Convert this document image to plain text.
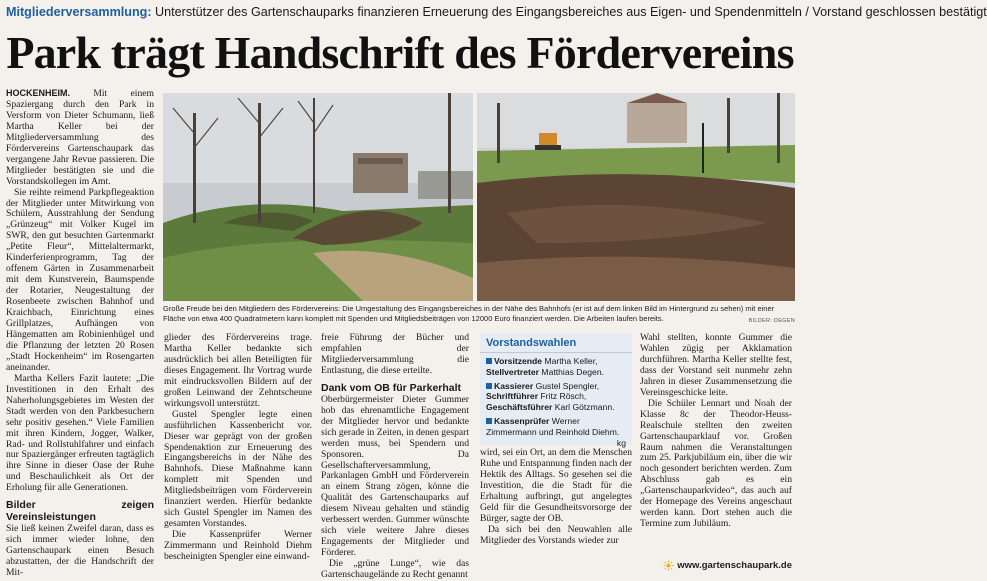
Mitgliederversammlung: Unterstützer des Gartenschauparks finanzieren Erneuerung des Eingangsbereiches aus Eigen- und Spendenmitteln / Vorstand geschlossen bestätigt
Park trägt Handschrift des Fördervereins

HOCKENHEIM. Mit einem Spaziergang durch den Park in Versform von Dieter Schumann, ließ Martha Keller bei der Mitgliederversammlung des Fördervereins Gartenschaupark das vergangene Jahr Revue passieren. Die Mitglieder bestätigten sie und die Vorstandskollegen im Amt.

Sie reihte reimend Parkpflegeaktion der Mitglieder unter Mitwirkung von Schülern, Ausstrahlung der Sendung „Grünzeug“ mit Volker Kugel im SWR, den gut besuchten Gartenmarkt „Petite Fleur“, Mittelaltermarkt, Kinderferienprogramm, Tag der offenem Gärten in Zusammenarbeit mit dem Kunstverein, Baumspende der Rotarier, Neugestaltung der Rosenbeete zwischen Bahnhof und Kraichbach, Einrichtung eines Grillplatzes, Aufhängen von Hängematten am Robinienhügel und die Pflanzung der letzten 20 Rosen „Stadt Hockenheim“ im Rosengarten aneinander.

Martha Kellers Fazit lautete: „Die Investitionen in den Erhalt des Naherholungsgebietes im Westen der Stadt werden von den Parkbesuchern sehr positiv gesehen.“ Viele Familien mit ihren Kindern, Jogger, Walker, Rad- und Rollstuhlfahrer und einfach nur Spaziergänger erfreuten tagtäglich ihre Sinne in dieser Oase der Ruhe und Beschaulichkeit als Ort der Erholung für alle Generationen.

Bilder zeigen Vereinsleistungen

Sie ließ keinen Zweifel daran, dass es sich immer wieder lohne, den Gartenschaupark einen Besuch abzustatten, der die Handschrift der Mit-

Große Freude bei den Mitgliedern des Fördervereins: Die Umgestaltung des Eingangsbereiches in der Nähe des Bahnhofs (er ist auf dem linken Bild im Hintergrund zu sehen) mit einer Fläche von etwa 400 Quadratmetern kann komplett mit Spenden und Mitgliedsbeiträgen von 12000 Euro finanziert werden. Die Arbeiten laufen bereits.	BILDER: DEGEN

glieder des Fördervereins trage. Martha Keller bedankte sich ausdrücklich bei allen Beteiligten für dieses Engagement. Ihr Vortrag wurde mit eindrucksvollen Bildern auf der großen Leinwand der Zehntscheune wirkungsvoll unterstützt.

Gustel Spengler legte einen ausführlichen Kassenbericht vor. Dieser war geprägt von der großen Spendenaktion zur Erneuerung des Eingangsbereichs in der Nähe des Bahnhofs. Diese Maßnahme kann komplett mit Spenden und Mitgliedsbeiträgen vom Förderverein finanziert werden. Hierfür bedankte sich Gustel Spengler im Namen des gesamten Vorstandes.

Die Kassenprüfer Werner Zimmermann und Reinhold Diehm bescheinigten Spengler eine einwand-

freie Führung der Bücher und empfahlen der Mitgliederversammlung die Entlastung, die diese erteilte.

Dank vom OB für Parkerhalt

Oberbürgermeister Dieter Gummer hob das ehrenamtliche Engagement der Mitglieder hervor und bedankte sich gerade in Zeiten, in denen gespart werden muss, bei Spendern und Sponsoren. Da Gesellschafterversammlung, Parkanlagen GmbH und Förderverein an einem Strang zögen, könne die Qualität des Gartenschauparks auf diesem Niveau gehalten und ständig verbessert werden. Gummer wünschte sich viele weitere Jahre dieses Engagements der Mitglieder und Förderer.

Die „grüne Lunge“, wie das Gartenschaugelände zu Recht genannt

Vorstandswahlen
Vorsitzende Martha Keller, Stellvertreter Matthias Degen.
Kassierer Gustel Spengler, Schriftführer Fritz Rösch, Geschäftsführer Karl Götzmann.
Kassenprüfer Werner Zimmermann und Reinhold Diehm.
kg

wird, sei ein Ort, an dem die Menschen Ruhe und Entspannung finden nach der Hektik des Alltags. So gesehen sei die Investition, die die Stadt für die Erhaltung aufbringt, gut angelegtes Geld für die Gesundheitsvorsorge der Bürger, sagte der OB.

Da sich bei den Neuwahlen alle Mitglieder des Vorstands wieder zur

Wahl stellten, konnte Gummer die Wahlen zügig per Akklamation durchführen. Martha Keller stellte fest, dass der Vorstand seit nunmehr zehn Jahren in dieser Zusammensetzung die Vereinsgeschicke leite.

Die Schüler Lennart und Noah der Klasse 8c der Theodor-Heuss-Realschule stellten den zweiten Gartenschauparklauf vor. Großen Raum nahmen die Veranstaltungen zum 25. Parkjubiläum ein, über die wir noch gesondert berichten werden. Zum Abschluss gab es ein „Gartenschauparkvideo“, das auch auf der Homepage des Vereins angeschaut werden kann. Dort stehen auch die Termine zum Jubiläum.

www.gartenschaupark.de
